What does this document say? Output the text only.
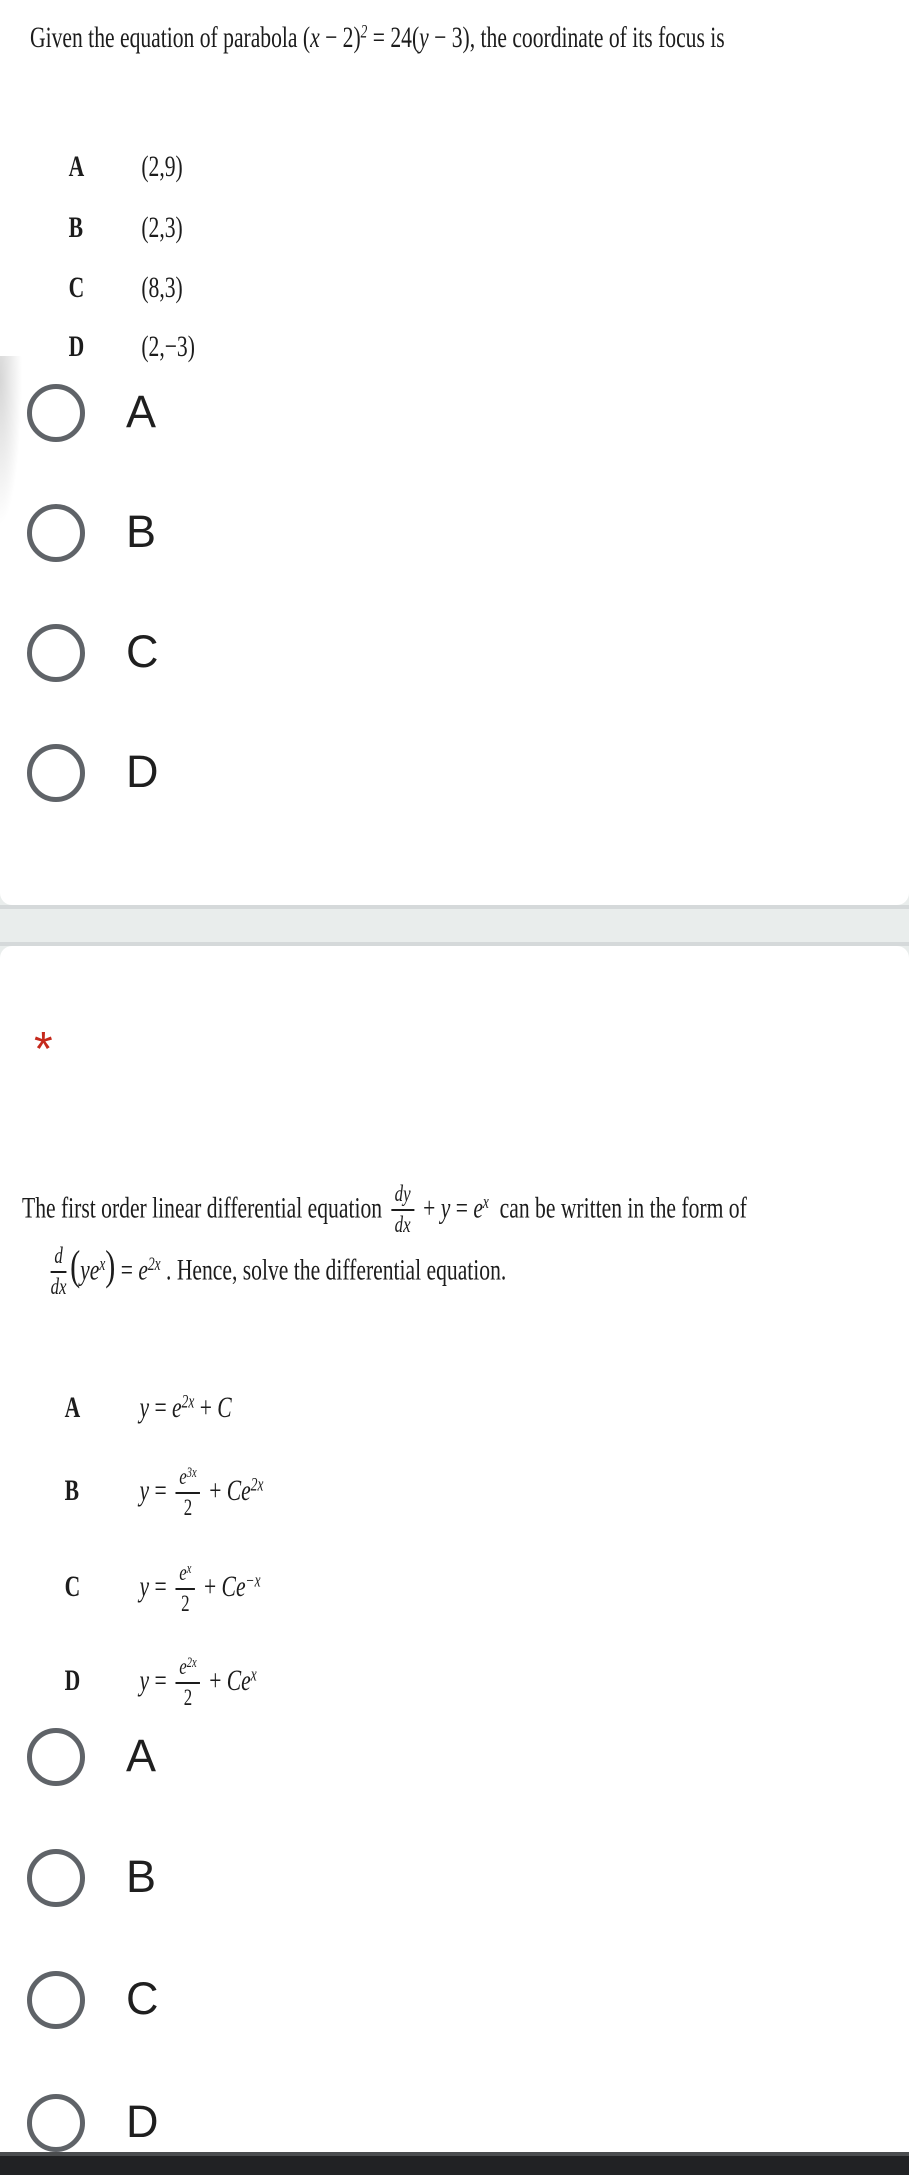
Given the equation of parabola $(x - 2)^2 = 24(y - 3)$, the coordinate of its focus is

A (2,9)

B (2,3)

C (8,3)

D (2,−3)

A
B
C
D
*
The first order linear differential equation $\frac{dy}{dx} + y = e^x$  can be written in the form of
$\frac{d}{dx} (ye^x) = e^{2x}$ . Hence, solve the differential equation.

A $y = e^{2x} + C$

B $y = \frac{e^{3x}}{2} + Ce^{2x}$

C $y = \frac{e^x}{2} + Ce^{-x}$

D $y = \frac{e^{2x}}{2} + Ce^x$

A
B
C
D
